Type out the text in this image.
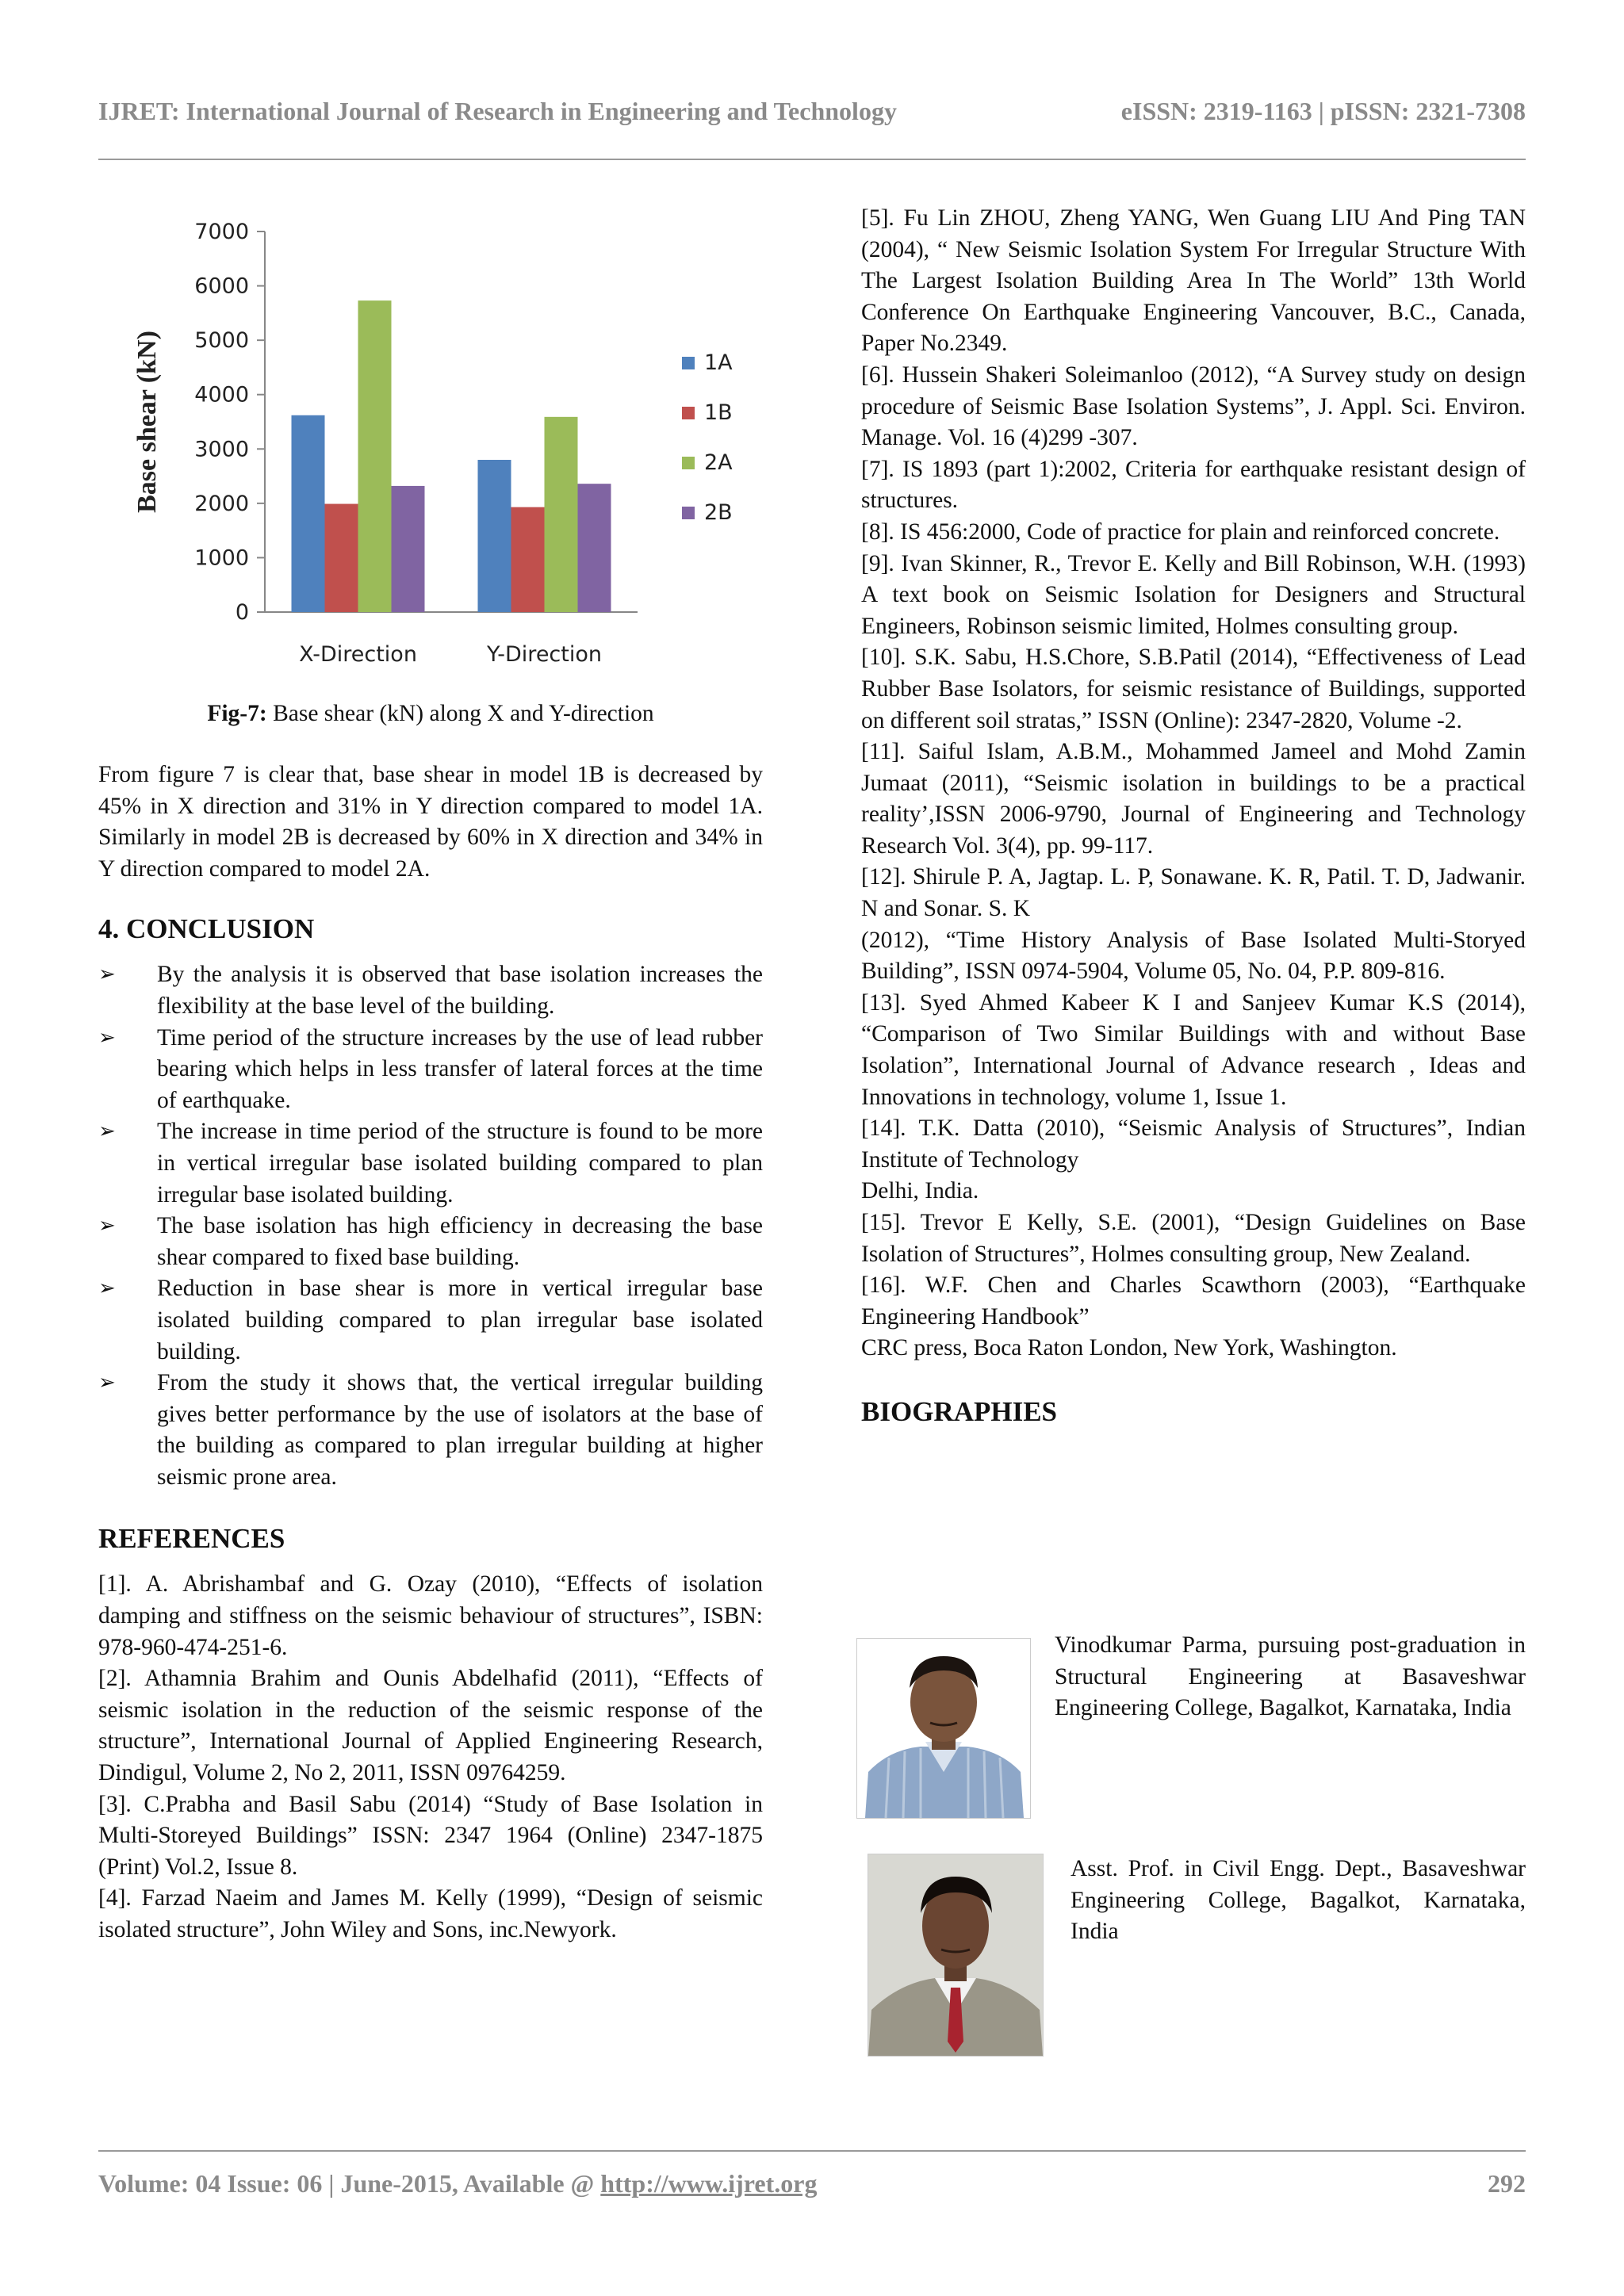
IJRET: International Journal of Research in Engineering and Technology	eISSN: 2319-1163 | pISSN: 2321-7308
0
1000
2000
3000
4000
5000
6000
7000
X-Direction	Y-Direction
Base shear (kN)	1A
1B
2A
2B
Fig-7: Base shear (kN) along X and Y-direction

From figure 7 is clear that, base shear in model 1B is decreased by 45% in X direction and 31% in Y direction compared to model 1A. Similarly in model 2B is decreased by 60% in X direction and 34% in Y direction compared to model 2A.

4. CONCLUSION
➢ By the analysis it is observed that base isolation increases the flexibility at the base level of the building.
➢ Time period of the structure increases by the use of lead rubber bearing which helps in less transfer of lateral forces at the time of earthquake.
➢ The increase in time period of the structure is found to be more in vertical irregular base isolated building compared to plan irregular base isolated building.
➢ The base isolation has high efficiency in decreasing the base shear compared to fixed base building.
➢ Reduction in base shear is more in vertical irregular base isolated building compared to plan irregular base isolated building.
➢ From the study it shows that, the vertical irregular building gives better performance by the use of isolators at the base of the building as compared to plan irregular building at higher seismic prone area.
REFERENCES

[1]. A. Abrishambaf and G. Ozay (2010), “Effects of isolation damping and stiffness on the seismic behaviour of structures”, ISBN: 978-960-474-251-6.

[2]. Athamnia Brahim and Ounis Abdelhafid (2011), “Effects of seismic isolation in the reduction of the seismic response of the structure”, International Journal of Applied Engineering Research, Dindigul, Volume 2, No 2, 2011, ISSN 09764259.

[3]. C.Prabha and Basil Sabu (2014) “Study of Base Isolation in Multi-Storeyed Buildings” ISSN: 2347 1964 (Online) 2347-1875 (Print) Vol.2, Issue 8.

[4]. Farzad Naeim and James M. Kelly (1999), “Design of seismic isolated structure”, John Wiley and Sons, inc.Newyork.

[5]. Fu Lin ZHOU, Zheng YANG, Wen Guang LIU And Ping TAN (2004), “ New Seismic Isolation System For Irregular Structure With The Largest Isolation Building Area In The World” 13th World Conference On Earthquake Engineering Vancouver, B.C., Canada, Paper No.2349.

[6]. Hussein Shakeri Soleimanloo (2012), “A Survey study on design procedure of Seismic Base Isolation Systems”, J. Appl. Sci. Environ. Manage. Vol. 16 (4)299 -307.

[7]. IS 1893 (part 1):2002, Criteria for earthquake resistant design of structures.

[8]. IS 456:2000, Code of practice for plain and reinforced concrete.

[9]. Ivan Skinner, R., Trevor E. Kelly and Bill Robinson, W.H. (1993) A text book on Seismic Isolation for Designers and Structural Engineers, Robinson seismic limited, Holmes consulting group.

[10]. S.K. Sabu, H.S.Chore, S.B.Patil (2014), “Effectiveness of Lead Rubber Base Isolators, for seismic resistance of Buildings, supported on different soil stratas,” ISSN (Online): 2347-2820, Volume -2.

[11]. Saiful Islam, A.B.M., Mohammed Jameel and Mohd Zamin Jumaat (2011), “Seismic isolation in buildings to be a practical reality’,ISSN 2006-9790, Journal of Engineering and Technology Research Vol. 3(4), pp. 99-117.

[12]. Shirule P. A, Jagtap. L. P, Sonawane. K. R, Patil. T. D, Jadwanir. N and Sonar. S. K

(2012), “Time History Analysis of Base Isolated Multi-Storyed Building”, ISSN 0974-5904, Volume 05, No. 04, P.P. 809-816.

[13]. Syed Ahmed Kabeer K I and Sanjeev Kumar K.S (2014), “Comparison of Two Similar Buildings with and without Base Isolation”, International Journal of Advance research , Ideas and Innovations in technology, volume 1, Issue 1.

[14]. T.K. Datta (2010), “Seismic Analysis of Structures”, Indian Institute of Technology

Delhi, India.

[15]. Trevor E Kelly, S.E. (2001), “Design Guidelines on Base Isolation of Structures”, Holmes consulting group, New Zealand.

[16]. W.F. Chen and Charles Scawthorn (2003), “Earthquake Engineering Handbook”

CRC press, Boca Raton London, New York, Washington.

BIOGRAPHIES
Vinodkumar Parma, pursuing post-graduation in Structural Engineering at Basaveshwar Engineering College, Bagalkot, Karnataka, India
Asst. Prof. in Civil Engg. Dept., Basaveshwar Engineering College, Bagalkot, Karnataka, India
Volume: 04 Issue: 06 | June-2015, Available @ http://www.ijret.org	292
